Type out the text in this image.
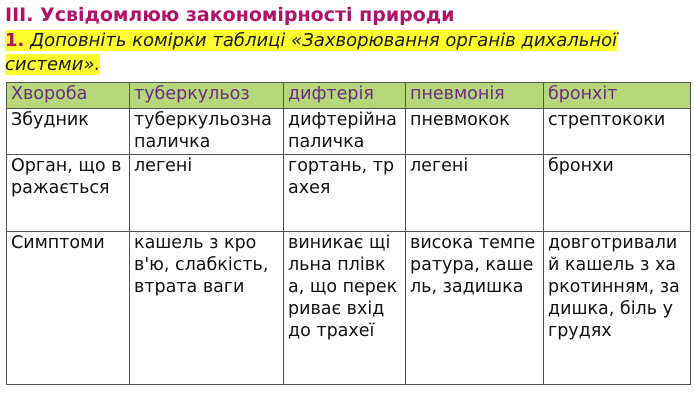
III. Усвідомлюю закономірності природи
1. Доповніть комірки таблиці «Захворювання органів дихальної
системи».
Хвороба	туберкульоз	дифтерія	пневмонія	бронхіт
Збудник	туберкульозна паличка	дифтерійна паличка	пневмокок	стрептококи
Орган, що вражається	легені	гортань, трахея	легені	бронхи
Симптоми	кашель з кров'ю, слабкість, втрата ваги	виникає щільна плівка, що перекриває вхід до трахеї	висока температура, кашель, задишка	довготривалий кашель з харкотинням, задишка, біль у грудях
